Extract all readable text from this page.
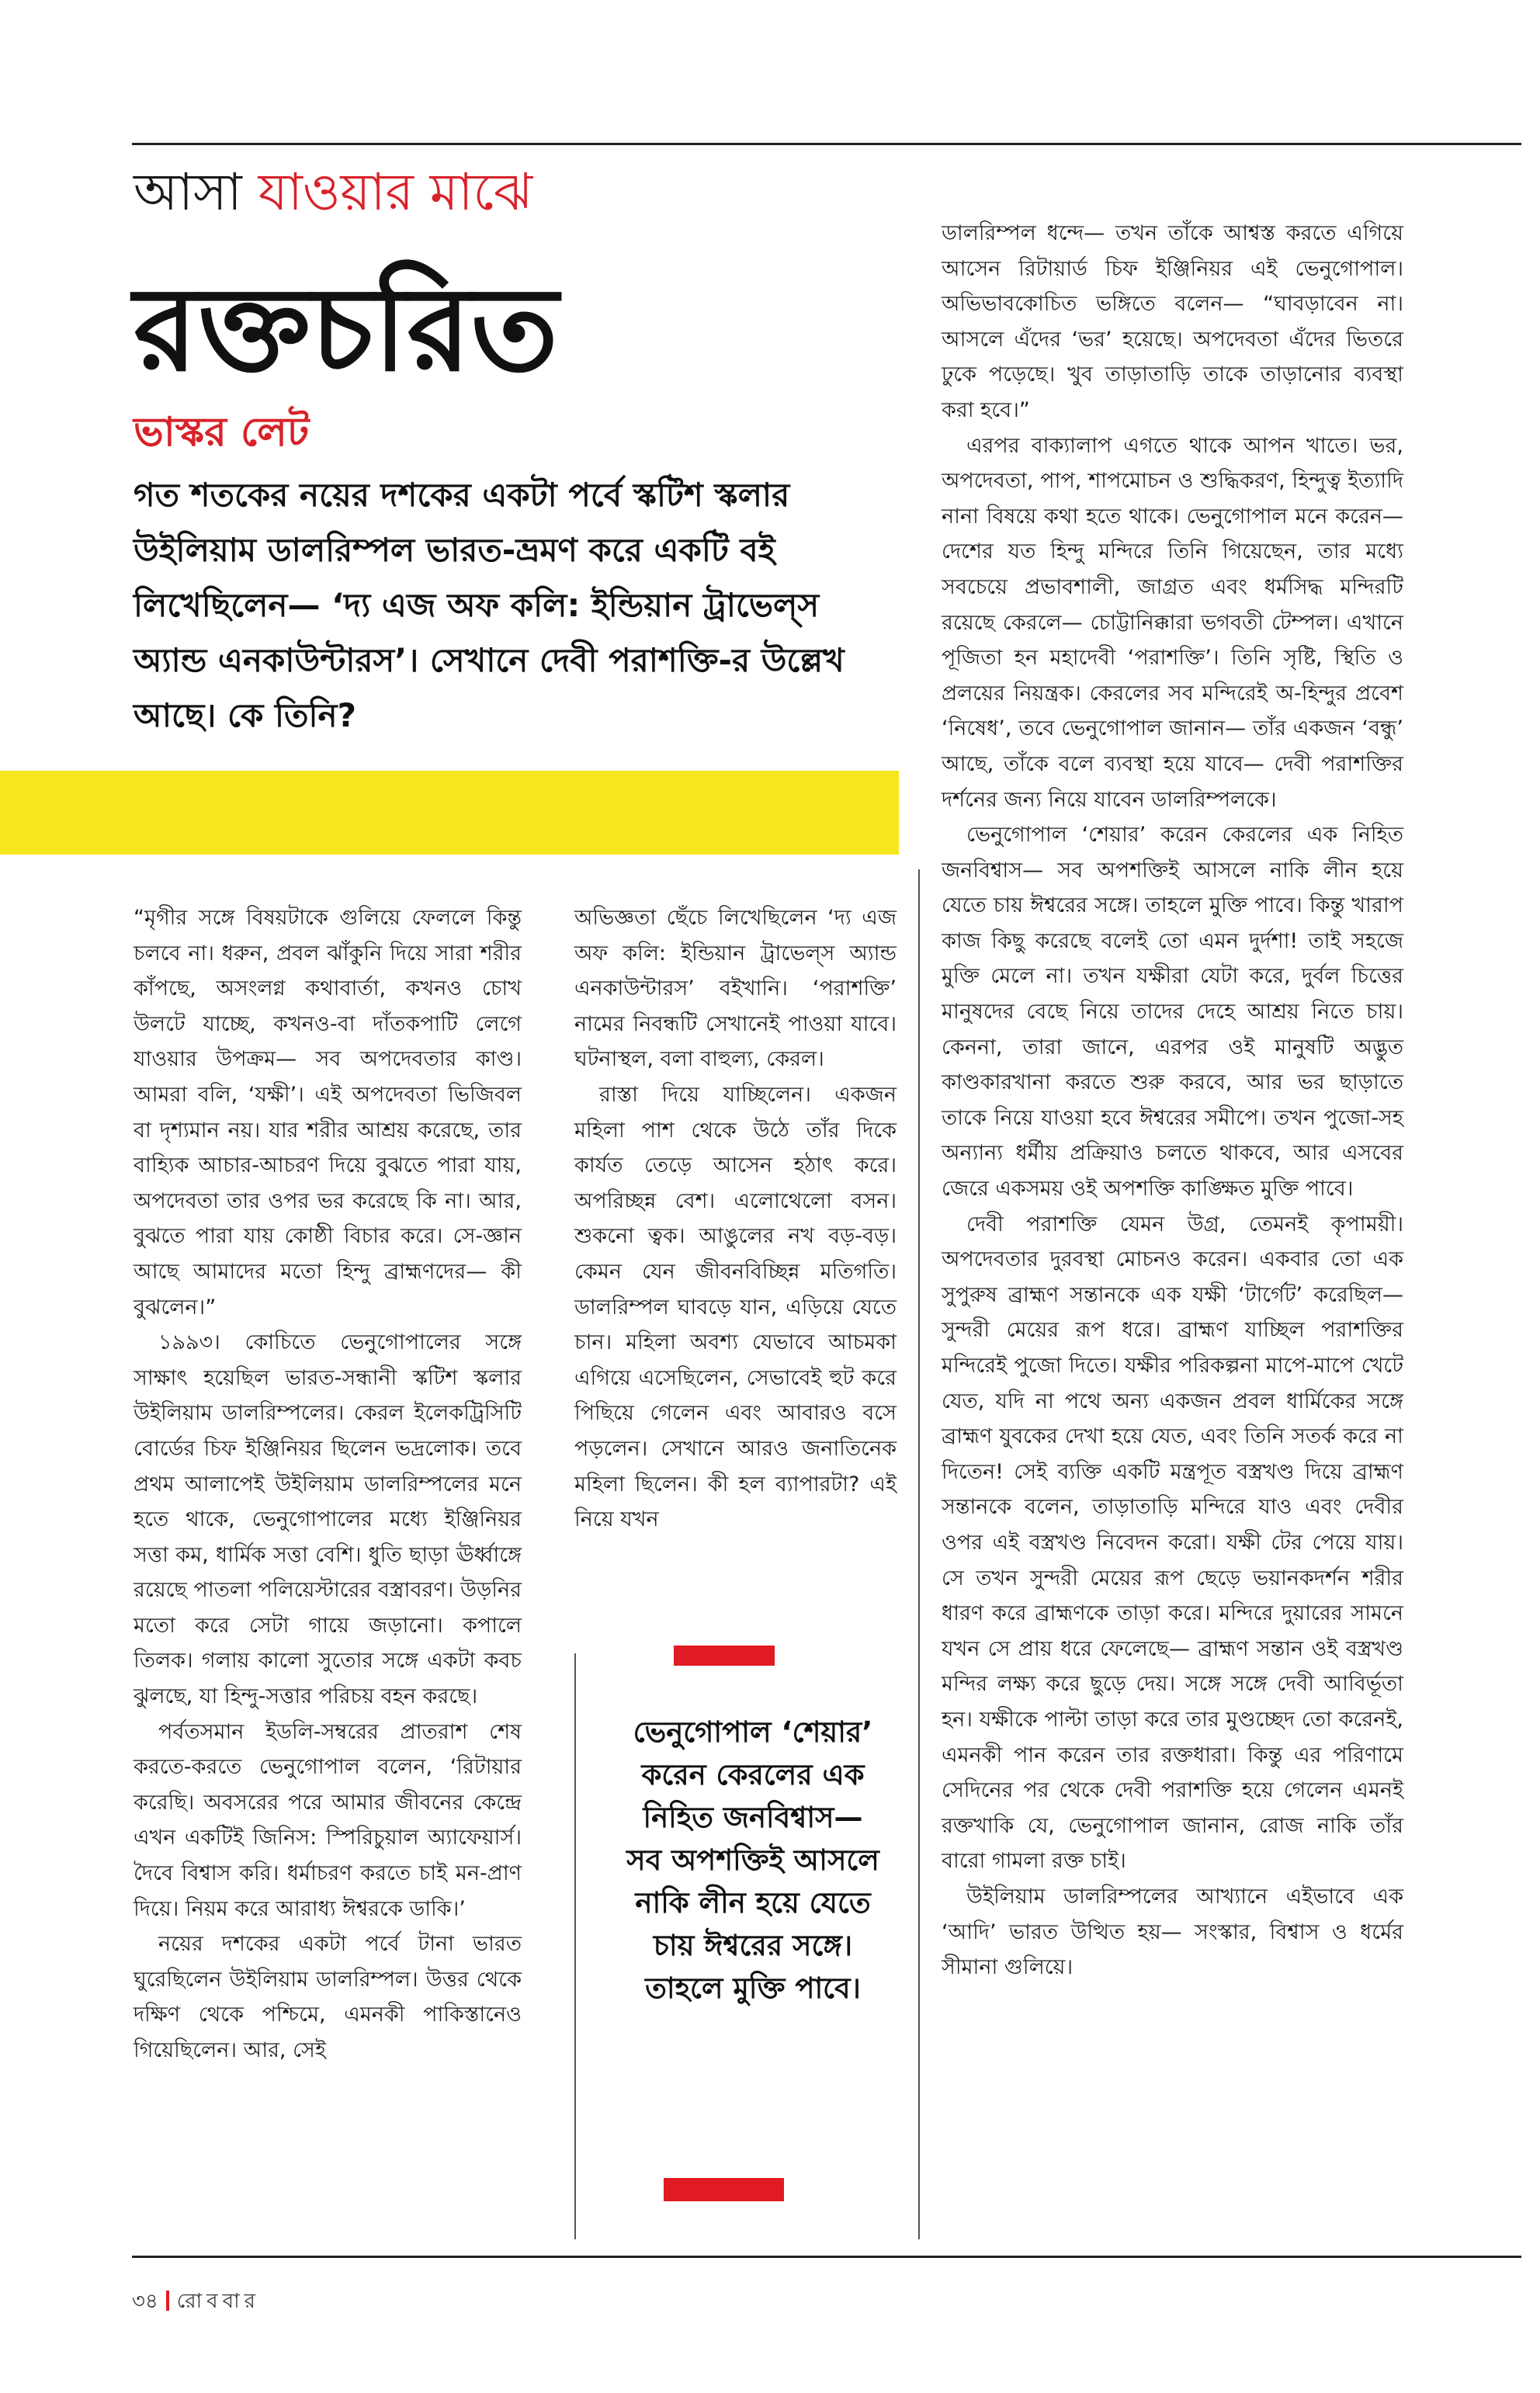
আসা যাওয়ার মাঝে
রক্তচরিত
ভাস্কর লেট
গত শতকের নয়ের দশকের একটা পর্বে স্কটিশ স্কলার উইলিয়াম ডালরিম্পল ভারত-ভ্রমণ করে একটি বই লিখেছিলেন— ‘দ্য এজ অফ কলি: ইন্ডিয়ান ট্রাভেল্‌স অ্যান্ড এনকাউন্টারস’। সেখানে দেবী পরাশক্তি-র উল্লেখ আছে। কে তিনি?

“মৃগীর সঙ্গে বিষয়টাকে গুলিয়ে ফেললে কিন্তু চলবে না। ধরুন, প্রবল ঝাঁকুনি দিয়ে সারা শরীর কাঁপছে, অসংলগ্ন কথাবার্তা, কখনও চোখ উলটে যাচ্ছে, কখনও-বা দাঁতকপাটি লেগে যাওয়ার উপক্রম— সব অপদেবতার কাণ্ড। আমরা বলি, ‘যক্ষী’। এই অপদেবতা ভিজিবল বা দৃশ্যমান নয়। যার শরীর আশ্রয় করেছে, তার বাহ্যিক আচার-আচরণ দিয়ে বুঝতে পারা যায়, অপদেবতা তার ওপর ভর করেছে কি না। আর, বুঝতে পারা যায় কোষ্ঠী বিচার করে। সে-জ্ঞান আছে আমাদের মতো হিন্দু ব্রাহ্মণদের— কী বুঝলেন।”

১৯৯৩। কোচিতে ভেনুগোপালের সঙ্গে সাক্ষাৎ হয়েছিল ভারত-সন্ধানী স্কটিশ স্কলার উইলিয়াম ডালরিম্পলের। কেরল ইলেকট্রিসিটি বোর্ডের চিফ ইঞ্জিনিয়র ছিলেন ভদ্রলোক। তবে প্রথম আলাপেই উইলিয়াম ডালরিম্পলের মনে হতে থাকে, ভেনুগোপালের মধ্যে ইঞ্জিনিয়র সত্তা কম, ধার্মিক সত্তা বেশি। ধুতি ছাড়া ঊর্ধ্বাঙ্গে রয়েছে পাতলা পলিয়েস্টারের বস্ত্রাবরণ। উড়নির মতো করে সেটা গায়ে জড়ানো। কপালে তিলক। গলায় কালো সুতোর সঙ্গে একটা কবচ ঝুলছে, যা হিন্দু-সত্তার পরিচয় বহন করছে।

পর্বতসমান ইডলি-সম্বরের প্রাতরাশ শেষ করতে-করতে ভেনুগোপাল বলেন, ‘রিটায়ার করেছি। অবসরের পরে আমার জীবনের কেন্দ্রে এখন একটিই জিনিস: স্পিরিচুয়াল অ্যাফেয়ার্স। দৈবে বিশ্বাস করি। ধর্মাচরণ করতে চাই মন-প্রাণ দিয়ে। নিয়ম করে আরাধ্য ঈশ্বরকে ডাকি।’

নয়ের দশকের একটা পর্বে টানা ভারত ঘুরেছিলেন উইলিয়াম ডালরিম্পল। উত্তর থেকে দক্ষিণ থেকে পশ্চিমে, এমনকী পাকিস্তানেও গিয়েছিলেন। আর, সেই

অভিজ্ঞতা ছেঁচে লিখেছিলেন ‘দ্য এজ অফ কলি: ইন্ডিয়ান ট্রাভেল্‌স অ্যান্ড এনকাউন্টারস’ বইখানি। ‘পরাশক্তি’ নামের নিবন্ধটি সেখানেই পাওয়া যাবে। ঘটনাস্থল, বলা বাহুল্য, কেরল।

রাস্তা দিয়ে যাচ্ছিলেন। একজন মহিলা পাশ থেকে উঠে তাঁর দিকে কার্যত তেড়ে আসেন হঠাৎ করে। অপরিচ্ছন্ন বেশ। এলোথেলো বসন। শুকনো ত্বক। আঙুলের নখ বড়-বড়। কেমন যেন জীবনবিচ্ছিন্ন মতিগতি। ডালরিম্পল ঘাবড়ে যান, এড়িয়ে যেতে চান। মহিলা অবশ্য যেভাবে আচমকা এগিয়ে এসেছিলেন, সেভাবেই হুট করে পিছিয়ে গেলেন এবং আবারও বসে পড়লেন। সেখানে আরও জনাতিনেক মহিলা ছিলেন। কী হল ব্যাপারটা? এই নিয়ে যখন

ভেনুগোপাল ‘শেয়ার’ করেন কেরলের এক নিহিত জনবিশ্বাস— সব অপশক্তিই আসলে নাকি লীন হয়ে যেতে চায় ঈশ্বরের সঙ্গে। তাহলে মুক্তি পাবে।

ডালরিম্পল ধন্দে— তখন তাঁকে আশ্বস্ত করতে এগিয়ে আসেন রিটায়ার্ড চিফ ইঞ্জিনিয়র এই ভেনুগোপাল। অভিভাবকোচিত ভঙ্গিতে বলেন— “ঘাবড়াবেন না। আসলে এঁদের ‘ভর’ হয়েছে। অপদেবতা এঁদের ভিতরে ঢুকে পড়েছে। খুব তাড়াতাড়ি তাকে তাড়ানোর ব্যবস্থা করা হবে।”

এরপর বাক্যালাপ এগতে থাকে আপন খাতে। ভর, অপদেবতা, পাপ, শাপমোচন ও শুদ্ধিকরণ, হিন্দুত্ব ইত্যাদি নানা বিষয়ে কথা হতে থাকে। ভেনুগোপাল মনে করেন— দেশের যত হিন্দু মন্দিরে তিনি গিয়েছেন, তার মধ্যে সবচেয়ে প্রভাবশালী, জাগ্রত এবং ধর্মসিদ্ধ মন্দিরটি রয়েছে কেরলে— চোট্টানিক্কারা ভগবতী টেম্পল। এখানে পূজিতা হন মহাদেবী ‘পরাশক্তি’। তিনি সৃষ্টি, স্থিতি ও প্রলয়ের নিয়ন্ত্রক। কেরলের সব মন্দিরেই অ-হিন্দুর প্রবেশ ‘নিষেধ’, তবে ভেনুগোপাল জানান— তাঁর একজন ‘বন্ধু’ আছে, তাঁকে বলে ব্যবস্থা হয়ে যাবে— দেবী পরাশক্তির দর্শনের জন্য নিয়ে যাবেন ডালরিম্পলকে।

ভেনুগোপাল ‘শেয়ার’ করেন কেরলের এক নিহিত জনবিশ্বাস— সব অপশক্তিই আসলে নাকি লীন হয়ে যেতে চায় ঈশ্বরের সঙ্গে। তাহলে মুক্তি পাবে। কিন্তু খারাপ কাজ কিছু করেছে বলেই তো এমন দুর্দশা! তাই সহজে মুক্তি মেলে না। তখন যক্ষীরা যেটা করে, দুর্বল চিত্তের মানুষদের বেছে নিয়ে তাদের দেহে আশ্রয় নিতে চায়। কেননা, তারা জানে, এরপর ওই মানুষটি অদ্ভুত কাণ্ডকারখানা করতে শুরু করবে, আর ভর ছাড়াতে তাকে নিয়ে যাওয়া হবে ঈশ্বরের সমীপে। তখন পুজো-সহ অন্যান্য ধর্মীয় প্রক্রিয়াও চলতে থাকবে, আর এসবের জেরে একসময় ওই অপশক্তি কাঙ্ক্ষিত মুক্তি পাবে।

দেবী পরাশক্তি যেমন উগ্র, তেমনই কৃপাময়ী। অপদেবতার দুরবস্থা মোচনও করেন। একবার তো এক সুপুরুষ ব্রাহ্মণ সন্তানকে এক যক্ষী ‘টার্গেট’ করেছিল— সুন্দরী মেয়ের রূপ ধরে। ব্রাহ্মণ যাচ্ছিল পরাশক্তির মন্দিরেই পুজো দিতে। যক্ষীর পরিকল্পনা মাপে-মাপে খেটে যেত, যদি না পথে অন্য একজন প্রবল ধার্মিকের সঙ্গে ব্রাহ্মণ যুবকের দেখা হয়ে যেত, এবং তিনি সতর্ক করে না দিতেন! সেই ব্যক্তি একটি মন্ত্রপূত বস্ত্রখণ্ড দিয়ে ব্রাহ্মণ সন্তানকে বলেন, তাড়াতাড়ি মন্দিরে যাও এবং দেবীর ওপর এই বস্ত্রখণ্ড নিবেদন করো। যক্ষী টের পেয়ে যায়। সে তখন সুন্দরী মেয়ের রূপ ছেড়ে ভয়ানকদর্শন শরীর ধারণ করে ব্রাহ্মণকে তাড়া করে। মন্দিরে দুয়ারের সামনে যখন সে প্রায় ধরে ফেলেছে— ব্রাহ্মণ সন্তান ওই বস্ত্রখণ্ড মন্দির লক্ষ্য করে ছুড়ে দেয়। সঙ্গে সঙ্গে দেবী আবির্ভূতা হন। যক্ষীকে পাল্টা তাড়া করে তার মুণ্ডচ্ছেদ তো করেনই, এমনকী পান করেন তার রক্তধারা। কিন্তু এর পরিণামে সেদিনের পর থেকে দেবী পরাশক্তি হয়ে গেলেন এমনই রক্তখাকি যে, ভেনুগোপাল জানান, রোজ নাকি তাঁর বারো গামলা রক্ত চাই।

উইলিয়াম ডালরিম্পলের আখ্যানে এইভাবে এক ‘আদি’ ভারত উত্থিত হয়— সংস্কার, বিশ্বাস ও ধর্মের সীমানা গুলিয়ে।

৩৪ রোববার
